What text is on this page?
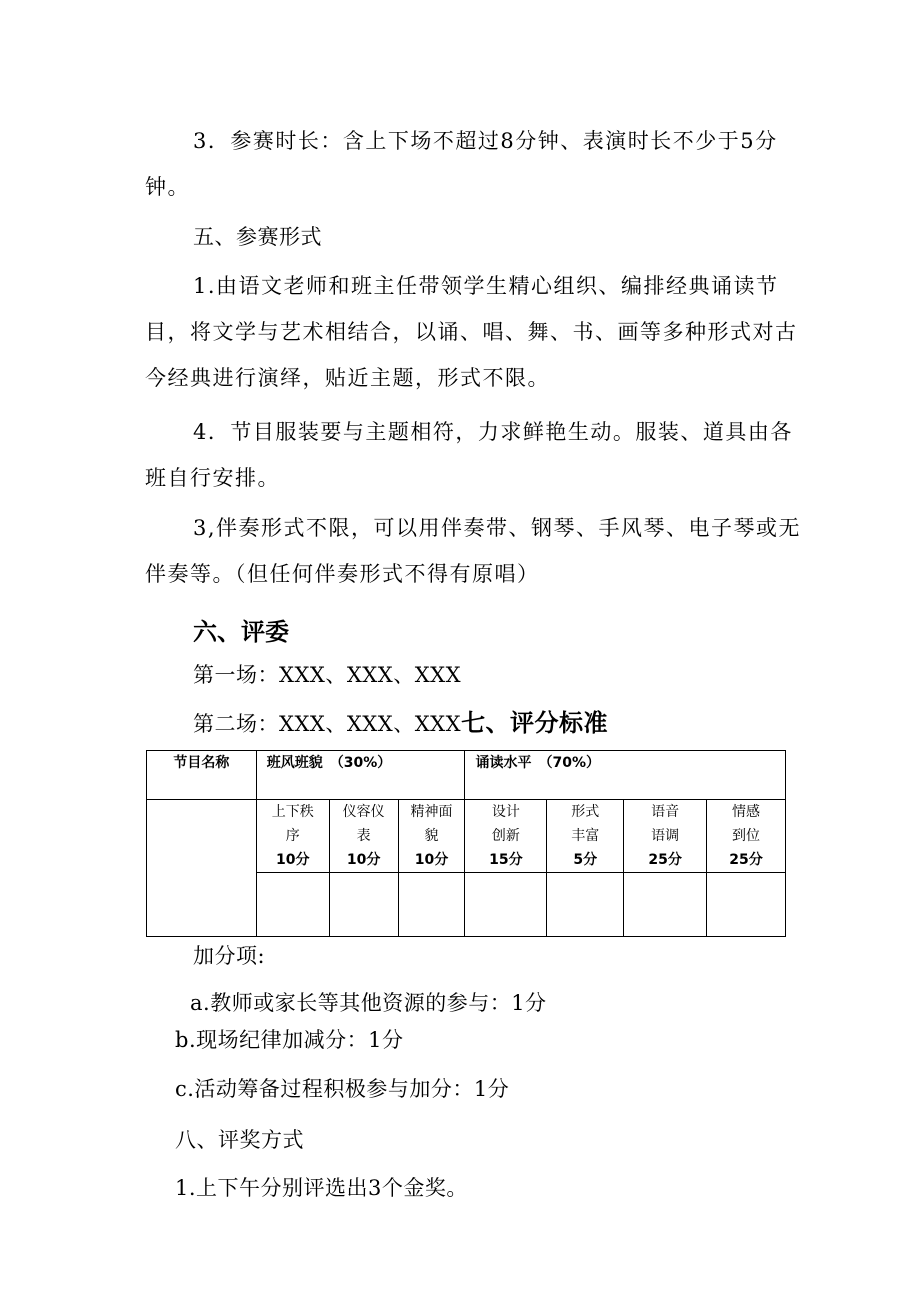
3．参赛时长：含上下场不超过8分钟、表演时长不少于5分钟。

五、参赛形式

1.由语文老师和班主任带领学生精心组织、编排经典诵读节目，将文学与艺术相结合，以诵、唱、舞、书、画等多种形式对古今经典进行演绎，贴近主题，形式不限。

4．节目服装要与主题相符，力求鲜艳生动。服装、道具由各班自行安排。

3,伴奏形式不限，可以用伴奏带、钢琴、手风琴、电子琴或无伴奏等。（但任何伴奏形式不得有原唱）

六、评委

第一场：XXX、XXX、XXX

第二场：XXX、XXX、XXX七、评分标准

节目名称	班风班貌　（30%）			诵读水平　（70%）			

	上下秩
序
10分	仪容仪
表
10分	精神面
貌
10分	设计
创新
15分	形式
丰富
5分	语音
语调
25分	情感
到位
25分

加分项:

a.教师或家长等其他资源的参与：1分

b.现场纪律加减分：1分

c.活动筹备过程积极参与加分：1分

八、评奖方式

1.上下午分别评选出3个金奖。
